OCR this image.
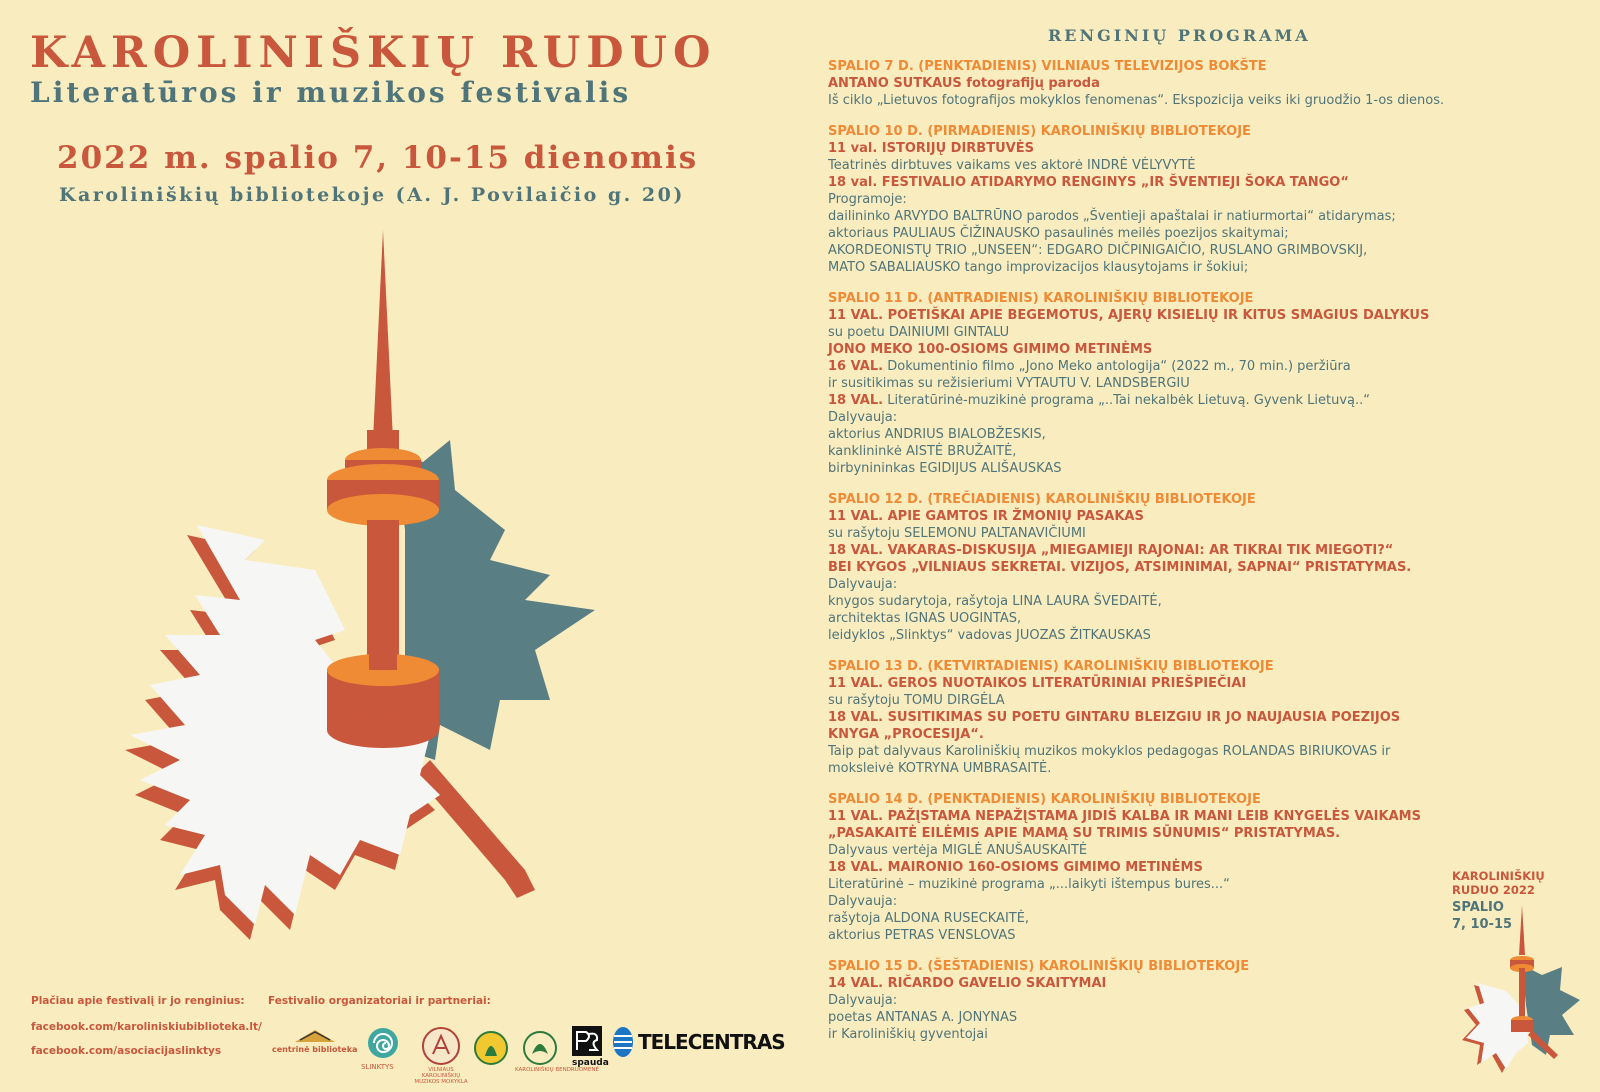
KAROLINIŠKIŲ RUDUO
Literatūros ir muzikos festivalis
2022 m. spalio 7, 10-15 dienomis
Karoliniškių bibliotekoje (A. J. Povilaičio g. 20)
Plačiau apie festivalį ir jo renginius:
facebook.com/karoliniskiubiblioteka.lt/
facebook.com/asociacijaslinktys
Festivalio organizatoriai ir partneriai:
centrinė biblioteka
SLINKTYS	VILNIAUS KAROLINIŠKIŲ MUZIKOS MOKYKLA
KAROLINIŠKIŲ BENDRUOMENĖ
spauda
TELECENTRAS
RENGINIŲ PROGRAMA
SPALIO 7 D. (PENKTADIENIS) VILNIAUS TELEVIZIJOS BOKŠTE
ANTANO SUTKAUS fotografijų paroda
Iš ciklo „Lietuvos fotografijos mokyklos fenomenas“. Ekspozicija veiks iki gruodžio 1-os dienos.
SPALIO 10 D. (PIRMADIENIS) KAROLINIŠKIŲ BIBLIOTEKOJE
11 val. ISTORIJŲ DIRBTUVĖS
Teatrinės dirbtuves vaikams ves aktorė INDRĖ VĖLYVYTĖ
18 val. FESTIVALIO ATIDARYMO RENGINYS „IR ŠVENTIEJI ŠOKA TANGO“
Programoje:
dailininko ARVYDO BALTRŪNO parodos „Šventieji apaštalai ir natiurmortai“ atidarymas;
aktoriaus PAULIAUS ČIŽINAUSKO pasaulinės meilės poezijos skaitymai;
AKORDEONISTŲ TRIO „UNSEEN“: EDGARO DIČPINIGAIČIO, RUSLANO GRIMBOVSKIJ,
MATO SABALIAUSKO tango improvizacijos klausytojams ir šokiui;
SPALIO 11 D. (ANTRADIENIS) KAROLINIŠKIŲ BIBLIOTEKOJE
11 VAL. POETIŠKAI APIE BEGEMOTUS, AJERŲ KISIELIŲ IR KITUS SMAGIUS DALYKUS
su poetu DAINIUMI GINTALU
JONO MEKO 100-OSIOMS GIMIMO METINĖMS
16 VAL. Dokumentinio filmo „Jono Meko antologija“ (2022 m., 70 min.) peržiūra
ir susitikimas su režisieriumi VYTAUTU V. LANDSBERGIU
18 VAL. Literatūrinė-muzikinė programa „..Tai nekalbėk Lietuvą. Gyvenk Lietuvą..“
Dalyvauja:
aktorius ANDRIUS BIALOBŽESKIS,
kanklininkė AISTĖ BRUŽAITĖ,
birbynininkas EGIDIJUS ALIŠAUSKAS
SPALIO 12 D. (TREČIADIENIS) KAROLINIŠKIŲ BIBLIOTEKOJE
11 VAL. APIE GAMTOS IR ŽMONIŲ PASAKAS
su rašytoju SELEMONU PALTANAVIČIUMI
18 VAL. VAKARAS-DISKUSIJA „MIEGAMIEJI RAJONAI: AR TIKRAI TIK MIEGOTI?“
BEI KYGOS „VILNIAUS SEKRETAI. VIZIJOS, ATSIMINIMAI, SAPNAI“ PRISTATYMAS.
Dalyvauja:
knygos sudarytoja, rašytoja LINA LAURA ŠVEDAITĖ,
architektas IGNAS UOGINTAS,
leidyklos „Slinktys“ vadovas JUOZAS ŽITKAUSKAS
SPALIO 13 D. (KETVIRTADIENIS) KAROLINIŠKIŲ BIBLIOTEKOJE
11 VAL. GEROS NUOTAIKOS LITERATŪRINIAI PRIEŠPIEČIAI
su rašytoju TOMU DIRGĖLA
18 VAL. SUSITIKIMAS SU POETU GINTARU BLEIZGIU IR JO NAUJAUSIA POEZIJOS
KNYGA „PROCESIJA“.
Taip pat dalyvaus Karoliniškių muzikos mokyklos pedagogas ROLANDAS BIRIUKOVAS ir
moksleivė KOTRYNA UMBRASAITĖ.
SPALIO 14 D. (PENKTADIENIS) KAROLINIŠKIŲ BIBLIOTEKOJE
11 VAL. PAŽĮSTAMA NEPAŽĮSTAMA JIDIŠ KALBA IR MANI LEIB KNYGELĖS VAIKAMS
„PASAKAITĖ EILĖMIS APIE MAMĄ SU TRIMIS SŪNUMIS“ PRISTATYMAS.
Dalyvaus vertėja MIGLĖ ANUŠAUSKAITĖ
18 VAL. MAIRONIO 160-OSIOMS GIMIMO METINĖMS
Literatūrinė – muzikinė programa „...laikyti ištempus bures...“
Dalyvauja:
rašytoja ALDONA RUSECKAITĖ,
aktorius PETRAS VENSLOVAS
SPALIO 15 D. (ŠEŠTADIENIS) KAROLINIŠKIŲ BIBLIOTEKOJE
14 VAL. RIČARDO GAVELIO SKAITYMAI
Dalyvauja:
poetas ANTANAS A. JONYNAS
ir Karoliniškių gyventojai
KAROLINIŠKIŲ
RUDUO 2022
SPALIO
7, 10-15
